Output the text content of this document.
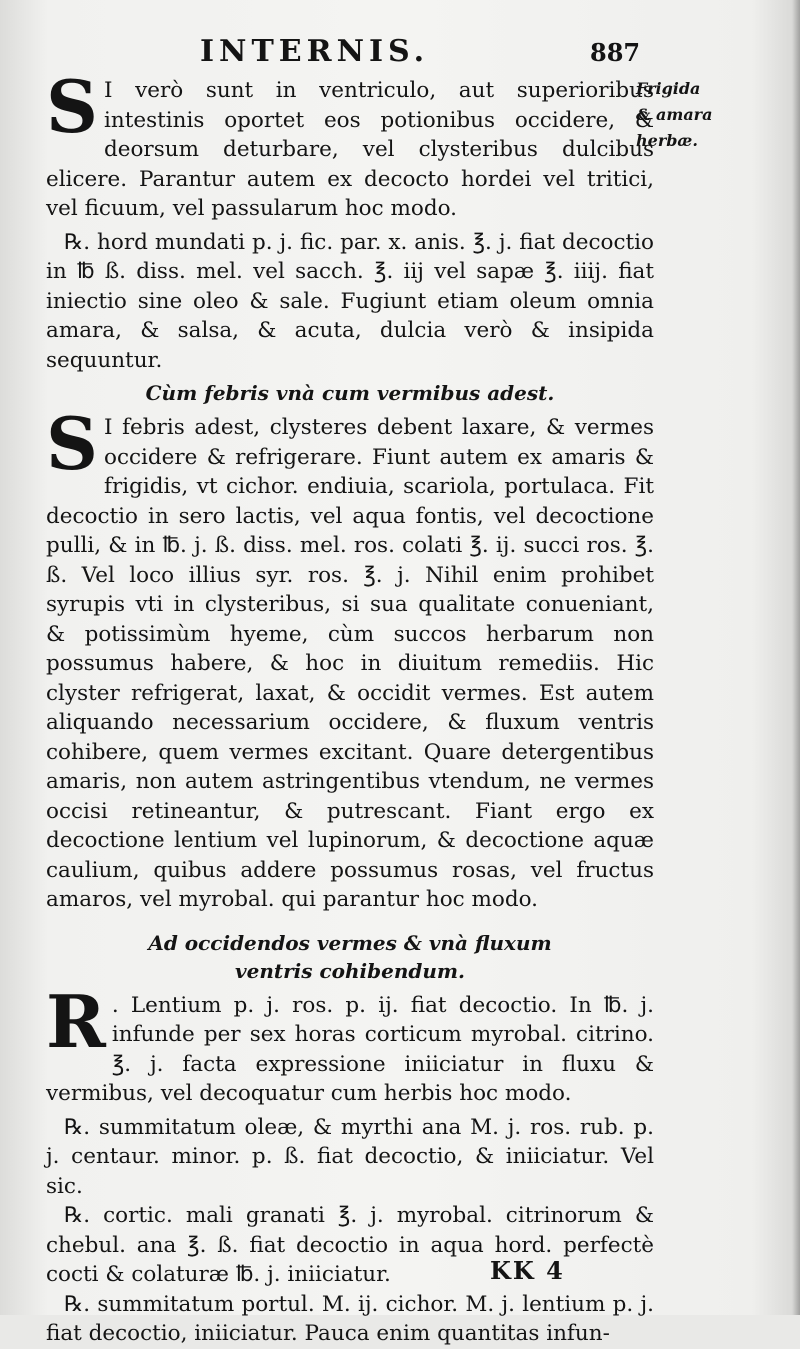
INTERNIS.	887
Frigida
& amara
herbæ.
S I verò sunt in ventriculo, aut superioribus intestinis oportet eos potionibus occidere, & deorsum deturbare, vel clysteribus dulcibus elicere. Parantur autem ex decocto hordei vel tritici, vel ficuum, vel passularum hoc modo.

℞. hord mundati p. j. fic. par. x. anis. ℥. j. fiat decoctio in ℔ ß. diss. mel. vel sacch. ℥. iij vel sapæ ℥. iiij. fiat iniectio sine oleo & sale. Fugiunt etiam oleum omnia amara, & salsa, & acuta, dulcia verò & insipida sequuntur.

Cùm febris vnà cum vermibus adest.

S I febris adest, clysteres debent laxare, & vermes occidere & refrigerare. Fiunt autem ex amaris & frigidis, vt cichor. endiuia, scariola, portulaca. Fit decoctio in sero lactis, vel aqua fontis, vel decoctione pulli, & in ℔. j. ß. diss. mel. ros. colati ℥. ij. succi ros. ℥. ß. Vel loco illius syr. ros. ℥. j. Nihil enim prohibet syrupis vti in clysteribus, si sua qualitate conueniant, & potissimùm hyeme, cùm succos herbarum non possumus habere, & hoc in diuitum remediis. Hic clyster refrigerat, laxat, & occidit vermes. Est autem aliquando necessarium occidere, & fluxum ventris cohibere, quem vermes excitant. Quare detergentibus amaris, non autem astringentibus vtendum, ne vermes occisi retineantur, & putrescant. Fiant ergo ex decoctione lentium vel lupinorum, & decoctione aquæ caulium, quibus addere possumus rosas, vel fructus amaros, vel myrobal. qui parantur hoc modo.

Ad occidendos vermes & vnà fluxum
ventris cohibendum.
R . Lentium p. j. ros. p. ij. fiat decoctio. In ℔. j. infunde per sex horas corticum myrobal. citrino. ℥. j. facta expressione iniiciatur in fluxu & vermibus, vel decoquatur cum herbis hoc modo.

℞. summitatum oleæ, & myrthi ana M. j. ros. rub. p. j. centaur. minor. p. ß. fiat decoctio, & iniiciatur. Vel sic.

℞. cortic. mali granati ℥. j. myrobal. citrinorum & chebul. ana ℥. ß. fiat decoctio in aqua hord. perfectè cocti & colaturæ ℔. j. iniiciatur.

℞. summitatum portul. M. ij. cichor. M. j. lentium p. j. fiat decoctio, iniiciatur. Pauca enim quantitas infun-

KK 4
